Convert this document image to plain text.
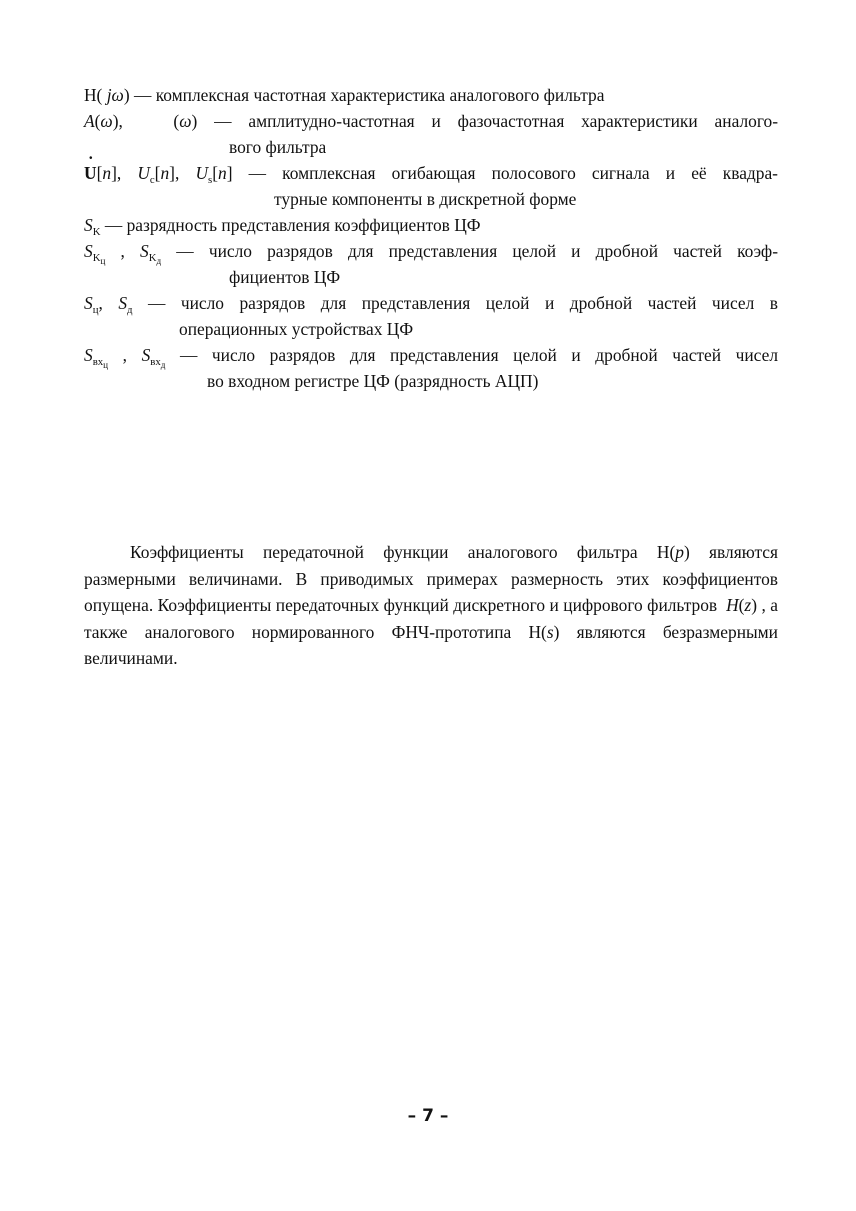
H( jω) — комплексная частотная характеристика аналогового фильтра
A(ω),   (ω) — амплитудно-частотная и фазочастотная характеристики аналого-
вого фильтра
˙ U[n], $U_c[n]$, $U_s[n]$ — комплексная огибающая полосового сигнала и её квадра-
турные компоненты в дискретной форме
$S_K$ — разрядность представления коэффициентов ЦФ
$S_{K_ц}$ , $S_{K_д}$ — число разрядов для представления целой и дробной частей коэф-
фициентов ЦФ
$S_ц$, $S_д$ — число разрядов для представления целой и дробной частей чисел в
операционных устройствах ЦФ
$S_{вх_ц}$ , $S_{вх_д}$ — число разрядов для представления целой и дробной частей чисел
во входном регистре ЦФ (разрядность АЦП)

Коэффициенты передаточной функции аналогового фильтра H(p) являются размерными величинами. В приводимых примерах размерность этих коэффициентов опущена. Коэффициенты передаточных функций дискретного и цифрового фильтров  H(z) , а также аналогового нормированного ФНЧ-прототипа H(s) являются безразмерными величинами.

– 7 –
